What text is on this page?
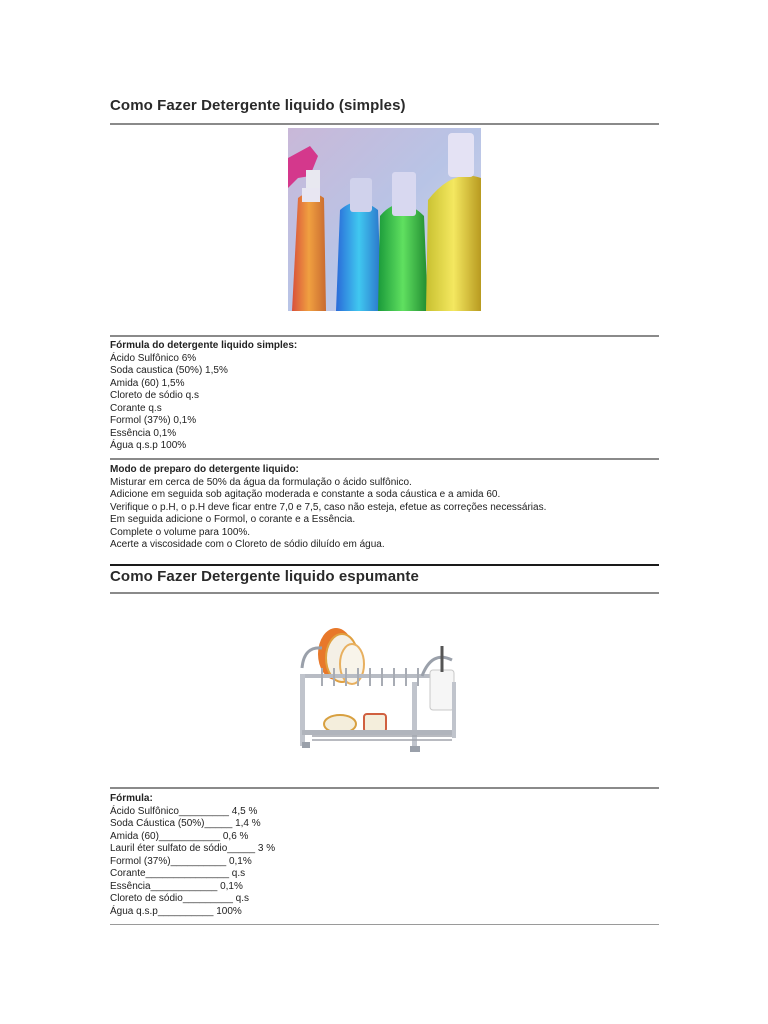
Como Fazer Detergente liquido (simples)
Fórmula do detergente liquido simples:
Ácido Sulfônico 6%
Soda caustica (50%) 1,5%
Amida (60) 1,5%
Cloreto de sódio q.s
Corante q.s
Formol (37%) 0,1%
Essência 0,1%
Água q.s.p 100%
Modo de preparo do detergente liquido:
Misturar em cerca de 50% da água da formulação o ácido sulfônico.
Adicione em seguida sob agitação moderada e constante a soda cáustica e a amida 60.
Verifique o p.H, o p.H deve ficar entre 7,0 e 7,5, caso não esteja, efetue as correções necessárias.
Em seguida adicione o Formol, o corante e a Essência.
Complete o volume para 100%.
Acerte a viscosidade com o Cloreto de sódio diluído em água.
Como Fazer Detergente liquido espumante
Fórmula:
Ácido Sulfônico_________ 4,5 %
Soda Cáustica (50%)_____ 1,4 %
Amida (60)___________ 0,6 %
Lauril éter sulfato de sódio_____ 3 %
Formol (37%)__________ 0,1%
Corante_______________ q.s
Essência____________ 0,1%
Cloreto de sódio_________ q.s
Água q.s.p__________ 100%
